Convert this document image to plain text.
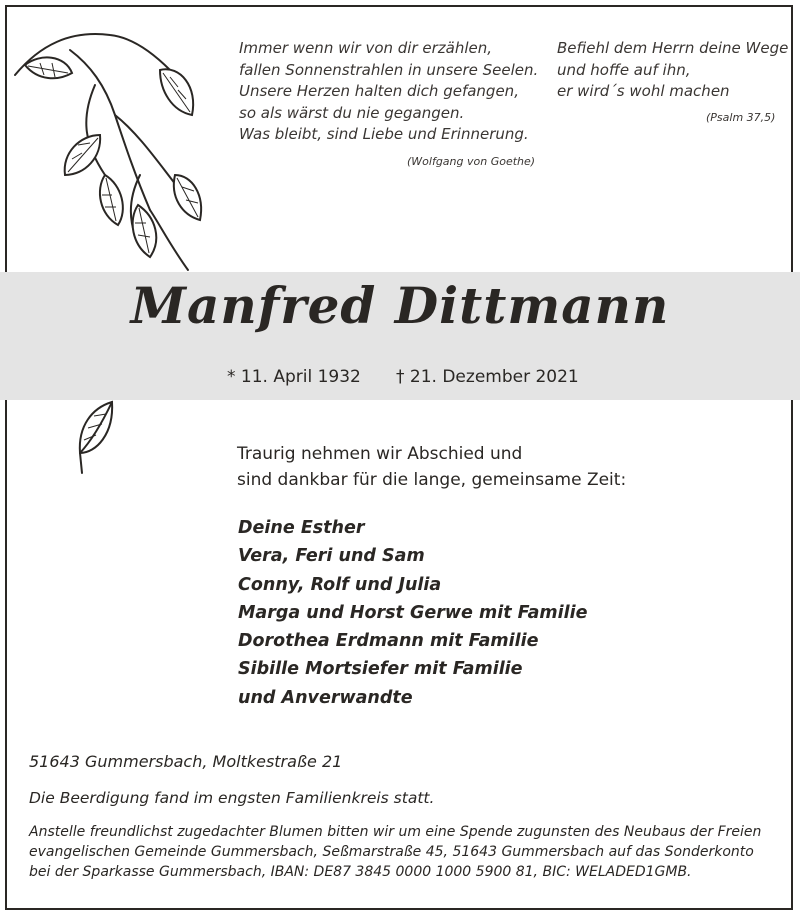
Immer wenn wir von dir erzählen,
fallen Sonnenstrahlen in unsere Seelen.
Unsere Herzen halten dich gefangen,
so als wärst du nie gegangen.
Was bleibt, sind Liebe und Erinnerung.
(Wolfgang von Goethe)
Befiehl dem Herrn deine Wege
und hoffe auf ihn,
er wird´s wohl machen
(Psalm 37,5)
Manfred Dittmann
* 11. April 1932 † 21. Dezember 2021
Traurig nehmen wir Abschied und
sind dankbar für die lange, gemeinsame Zeit:
Deine Esther
Vera, Feri und Sam
Conny, Rolf und Julia
Marga und Horst Gerwe mit Familie
Dorothea Erdmann mit Familie
Sibille Mortsiefer mit Familie
und Anverwandte
51643 Gummersbach, Moltkestraße 21
Die Beerdigung fand im engsten Familienkreis statt.
Anstelle freundlichst zugedachter Blumen bitten wir um eine Spende zugunsten des Neubaus der Freien
evangelischen Gemeinde Gummersbach, Seßmarstraße 45, 51643 Gummersbach auf das Sonderkonto
bei der Sparkasse Gummersbach, IBAN: DE87 3845 0000 1000 5900 81, BIC: WELADED1GMB.
